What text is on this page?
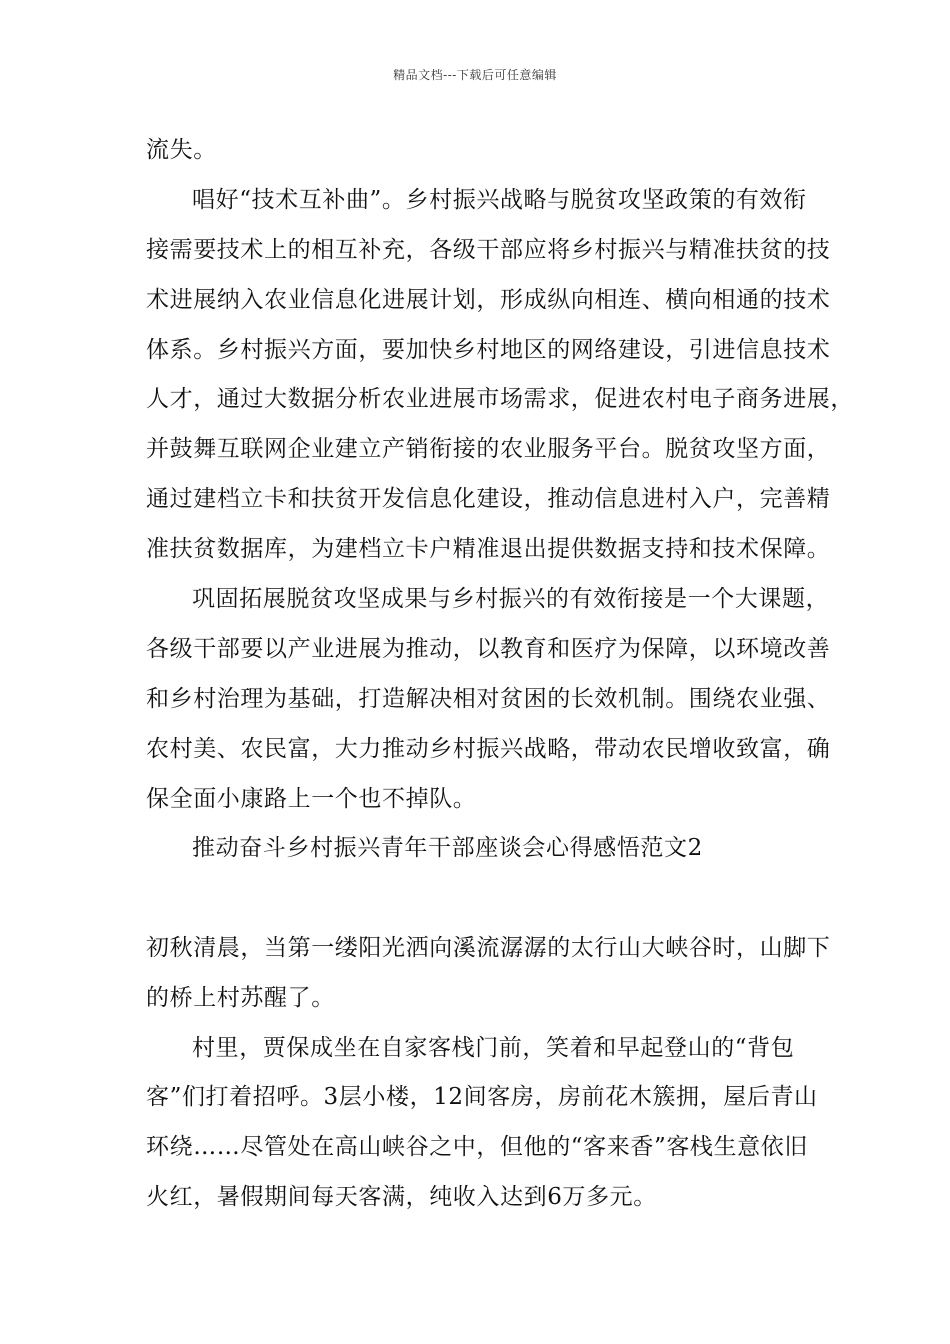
精品文档---下载后可任意编辑
流失。
唱好“技术互补曲”。乡村振兴战略与脱贫攻坚政策的有效衔
接需要技术上的相互补充，各级干部应将乡村振兴与精准扶贫的技
术进展纳入农业信息化进展计划，形成纵向相连、横向相通的技术
体系。乡村振兴方面，要加快乡村地区的网络建设，引进信息技术
人才，通过大数据分析农业进展市场需求，促进农村电子商务进展，
并鼓舞互联网企业建立产销衔接的农业服务平台。脱贫攻坚方面，
通过建档立卡和扶贫开发信息化建设，推动信息进村入户，完善精
准扶贫数据库，为建档立卡户精准退出提供数据支持和技术保障。
巩固拓展脱贫攻坚成果与乡村振兴的有效衔接是一个大课题，
各级干部要以产业进展为推动，以教育和医疗为保障，以环境改善
和乡村治理为基础，打造解决相对贫困的长效机制。围绕农业强、
农村美、农民富，大力推动乡村振兴战略，带动农民增收致富，确
保全面小康路上一个也不掉队。
推动奋斗乡村振兴青年干部座谈会心得感悟范文2
初秋清晨，当第一缕阳光洒向溪流潺潺的太行山大峡谷时，山脚下
的桥上村苏醒了。
村里，贾保成坐在自家客栈门前，笑着和早起登山的“背包
客”们打着招呼。3层小楼，12间客房，房前花木簇拥，屋后青山
环绕……尽管处在高山峡谷之中，但他的“客来香”客栈生意依旧
火红，暑假期间每天客满，纯收入达到6万多元。
